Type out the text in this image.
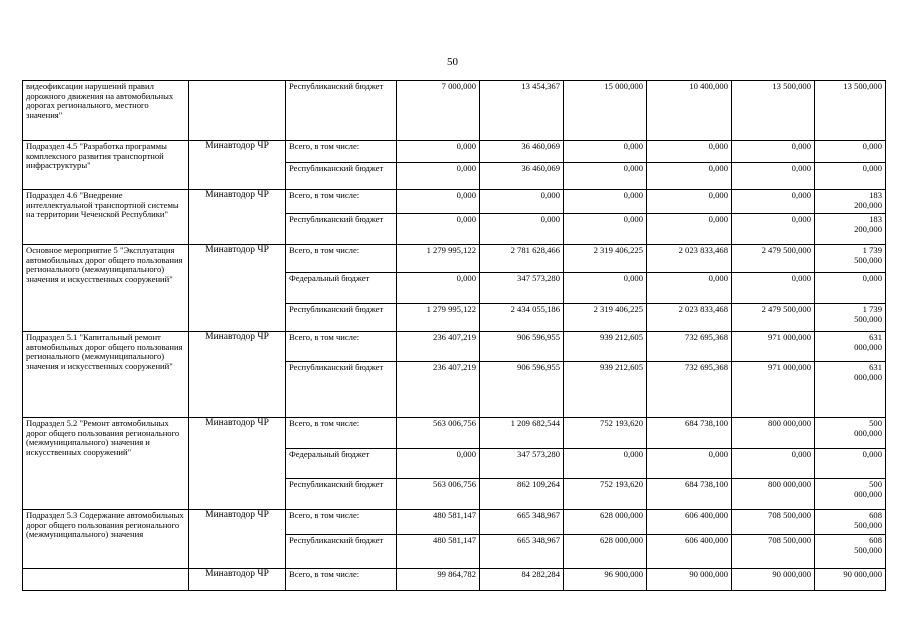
50
видеофиксации нарушений правил дорожного движения на автомобильных дорогах регионального, местного значения"		Республиканский бюджет	7 000,000	13 454,367	15 000,000	10 400,000	13 500,000	13 500,000
Подраздел 4.5 "Разработка программы комплексного развития транспортной инфраструктуры"	Минавтодор ЧР	Всего, в том числе:	0,000	36 460,069	0,000	0,000	0,000	0,000
		Республиканский бюджет	0,000	36 460,069	0,000	0,000	0,000	0,000
Подраздел 4.6 "Внедрение интеллектуальной транспортной системы на территории Чеченской Республики"	Минавтодор ЧР	Всего, в том числе:	0,000	0,000	0,000	0,000	0,000	183
200,000
		Республиканский бюджет	0,000	0,000	0,000	0,000	0,000	183
200,000
Основное мероприятие 5 "Эксплуатация автомобильных дорог общего пользования регионального (межмуниципального) значения и искусственных сооружений"	Минавтодор ЧР	Всего, в том числе:	1 279 995,122	2 781 628,466	2 319 406,225	2 023 833,468	2 479 500,000	1 739
500,000
		Федеральный бюджет	0,000	347 573,280	0,000	0,000	0,000	0,000
		Республиканский бюджет	1 279 995,122	2 434 055,186	2 319 406,225	2 023 833,468	2 479 500,000	1 739
500,000
Подраздел 5.1 "Капитальный ремонт автомобильных дорог общего пользования регионального (межмуниципального) значения и искусственных сооружений"	Минавтодор ЧР	Всего, в том числе:	236 407,219	906 596,955	939 212,605	732 695,368	971 000,000	631
000,000
		Республиканский бюджет	236 407,219	906 596,955	939 212,605	732 695,368	971 000,000	631
000,000
Подраздел 5.2 "Ремонт автомобильных дорог общего пользования регионального (межмуниципального) значения и искусственных сооружений"	Минавтодор ЧР	Всего, в том числе:	563 006,756	1 209 682,544	752 193,620	684 738,100	800 000,000	500
000,000
		Федеральный бюджет	0,000	347 573,280	0,000	0,000	0,000	0,000
		Республиканский бюджет	563 006,756	862 109,264	752 193,620	684 738,100	800 000,000	500
000,000
Подраздел 5.3 Содержание автомобильных дорог общего пользования регионального (межмуниципального) значения	Минавтодор ЧР	Всего, в том числе:	480 581,147	665 348,967	628 000,000	606 400,000	708 500,000	608
500,000
		Республиканский бюджет	480 581,147	665 348,967	628 000,000	606 400,000	708 500,000	608
500,000
	Минавтодор ЧР	Всего, в том числе:	99 864,782	84 282,284	96 900,000	90 000,000	90 000,000	90 000,000
